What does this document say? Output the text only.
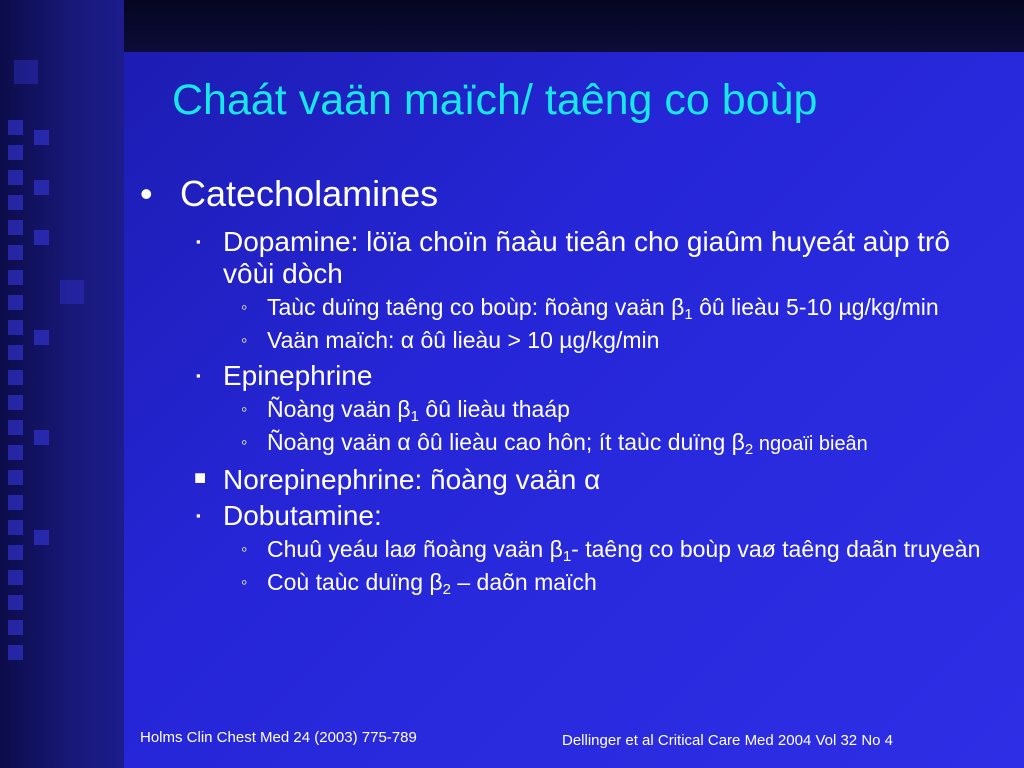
Chaát vaän maïch/ taêng co boùp
• Catecholamines
▪ Dopamine: löïa choïn ñaàu tieân cho giaûm huyeát aùp trô vôùi dòch
◦ Taùc duïng taêng co boùp: ñoàng vaän $\beta_1$ ôû lieàu 5-10 µg/kg/min
◦ Vaän maïch: α ôû lieàu > 10 µg/kg/min
▪ Epinephrine
◦ Ñoàng vaän $\beta_1$ ôû lieàu thaáp
◦ Ñoàng vaän α ôû lieàu cao hôn; ít taùc duïng $\beta_2$ ngoaïi bieân
■ Norepinephrine: ñoàng vaän α
▪ Dobutamine:
◦ Chuû yeáu laø ñoàng vaän $\beta_1-$ taêng co boùp vaø taêng daãn truyeàn
◦ Coù taùc duïng $\beta_2$ – daõn maïch
Holms Clin Chest Med 24 (2003) 775-789	Dellinger et al Critical Care Med 2004 Vol 32 No 4
